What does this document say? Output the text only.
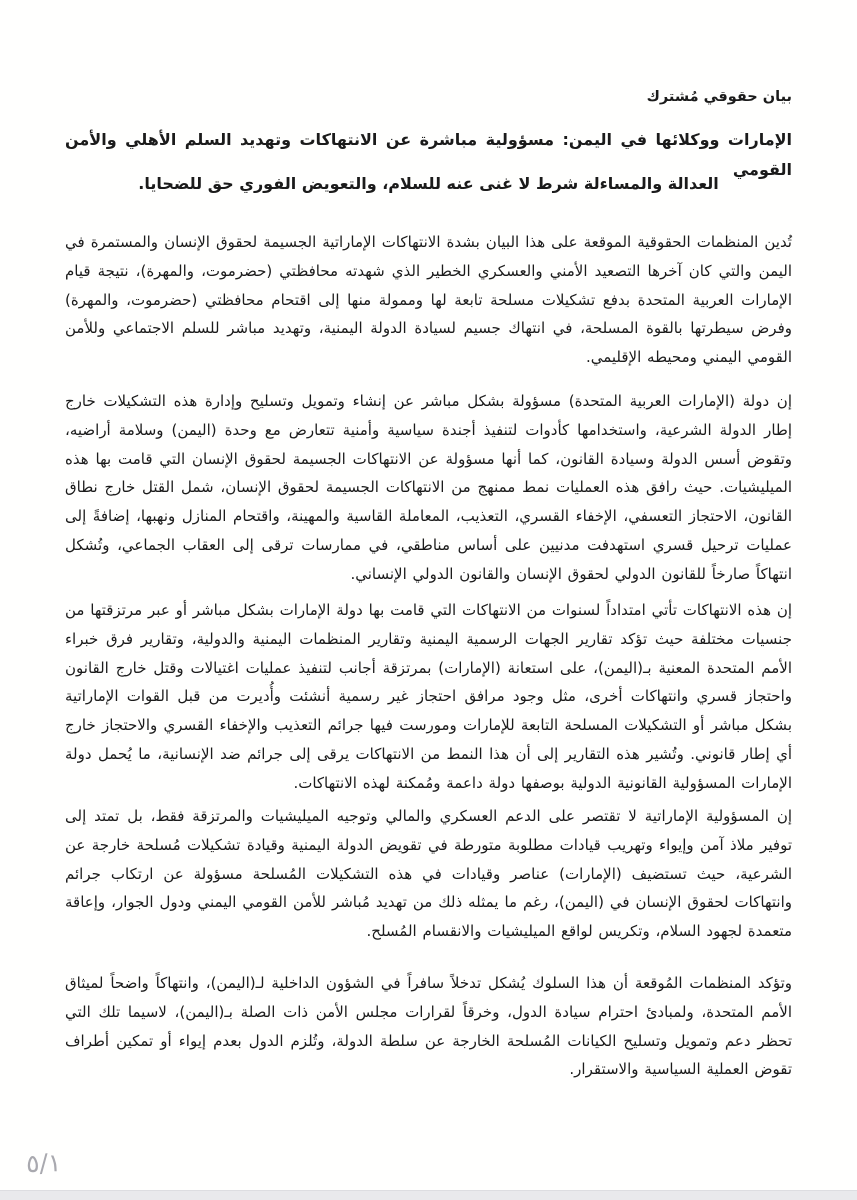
بيان حقوقي مُشترك
الإمارات ووكلائها في اليمن: مسؤولية مباشرة عن الانتهاكات وتهديد السلم الأهلي والأمن القومي
العدالة والمساءلة شرط لا غنى عنه للسلام، والتعويض الفوري حق للضحايا.

تُدين المنظمات الحقوقية الموقعة على هذا البيان بشدة الانتهاكات الإماراتية الجسيمة لحقوق الإنسان والمستمرة في اليمن والتي كان آخرها التصعيد الأمني والعسكري الخطير الذي شهدته محافظتي (حضرموت، والمهرة)، نتيجة قيام الإمارات العربية المتحدة بدفع تشكيلات مسلحة تابعة لها وممولة منها إلى اقتحام محافظتي (حضرموت، والمهرة) وفرض سيطرتها بالقوة المسلحة، في انتهاك جسيم لسيادة الدولة اليمنية، وتهديد مباشر للسلم الاجتماعي وللأمن القومي اليمني ومحيطه الإقليمي.

إن دولة (الإمارات العربية المتحدة) مسؤولة بشكل مباشر عن إنشاء وتمويل وتسليح وإدارة هذه التشكيلات خارج إطار الدولة الشرعية، واستخدامها كأدوات لتنفيذ أجندة سياسية وأمنية تتعارض مع وحدة (اليمن) وسلامة أراضيه، وتقوض أسس الدولة وسيادة القانون، كما أنها مسؤولة عن الانتهاكات الجسيمة لحقوق الإنسان التي قامت بها هذه الميليشيات. حيث رافق هذه العمليات نمط ممنهج من الانتهاكات الجسيمة لحقوق الإنسان، شمل القتل خارج نطاق القانون، الاحتجاز التعسفي، الإخفاء القسري، التعذيب، المعاملة القاسية والمهينة، واقتحام المنازل ونهبها، إضافةً إلى عمليات ترحيل قسري استهدفت مدنيين على أساس مناطقي، في ممارسات ترقى إلى العقاب الجماعي، وتُشكل انتهاكاً صارخاً للقانون الدولي لحقوق الإنسان والقانون الدولي الإنساني.

إن هذه الانتهاكات تأتي امتداداً لسنوات من الانتهاكات التي قامت بها دولة الإمارات بشكل مباشر أو عبر مرتزقتها من جنسيات مختلفة حيث تؤكد تقارير الجهات الرسمية اليمنية وتقارير المنظمات اليمنية والدولية، وتقارير فرق خبراء الأمم المتحدة المعنية بـ(اليمن)، على استعانة (الإمارات) بمرتزقة أجانب لتنفيذ عمليات اغتيالات وقتل خارج القانون واحتجاز قسري وانتهاكات أخرى، مثل وجود مرافق احتجاز غير رسمية أنشئت وأُديرت من قبل القوات الإماراتية بشكل مباشر أو التشكيلات المسلحة التابعة للإمارات ومورست فيها جرائم التعذيب والإخفاء القسري والاحتجاز خارج أي إطار قانوني. وتُشير هذه التقارير إلى أن هذا النمط من الانتهاكات يرقى إلى جرائم ضد الإنسانية، ما يُحمل دولة الإمارات المسؤولية القانونية الدولية بوصفها دولة داعمة ومُمكنة لهذه الانتهاكات.

إن المسؤولية الإماراتية لا تقتصر على الدعم العسكري والمالي وتوجيه الميليشيات والمرتزقة فقط، بل تمتد إلى توفير ملاذ آمن وإيواء وتهريب قيادات مطلوبة متورطة في تقويض الدولة اليمنية وقيادة تشكيلات مُسلحة خارجة عن الشرعية، حيث تستضيف (الإمارات) عناصر وقيادات في هذه التشكيلات المُسلحة مسؤولة عن ارتكاب جرائم وانتهاكات لحقوق الإنسان في (اليمن)، رغم ما يمثله ذلك من تهديد مُباشر للأمن القومي اليمني ودول الجوار، وإعاقة متعمدة لجهود السلام، وتكريس لواقع الميليشيات والانقسام المُسلح.

وتؤكد المنظمات المُوقعة أن هذا السلوك يُشكل تدخلاً سافراً في الشؤون الداخلية لـ(اليمن)، وانتهاكاً واضحاً لميثاق الأمم المتحدة، ولمبادئ احترام سيادة الدول، وخرقاً لقرارات مجلس الأمن ذات الصلة بـ(اليمن)، لاسيما تلك التي تحظر دعم وتمويل وتسليح الكيانات المُسلحة الخارجة عن سلطة الدولة، وتُلزم الدول بعدم إيواء أو تمكين أطراف تقوض العملية السياسية والاستقرار.

٥/١
